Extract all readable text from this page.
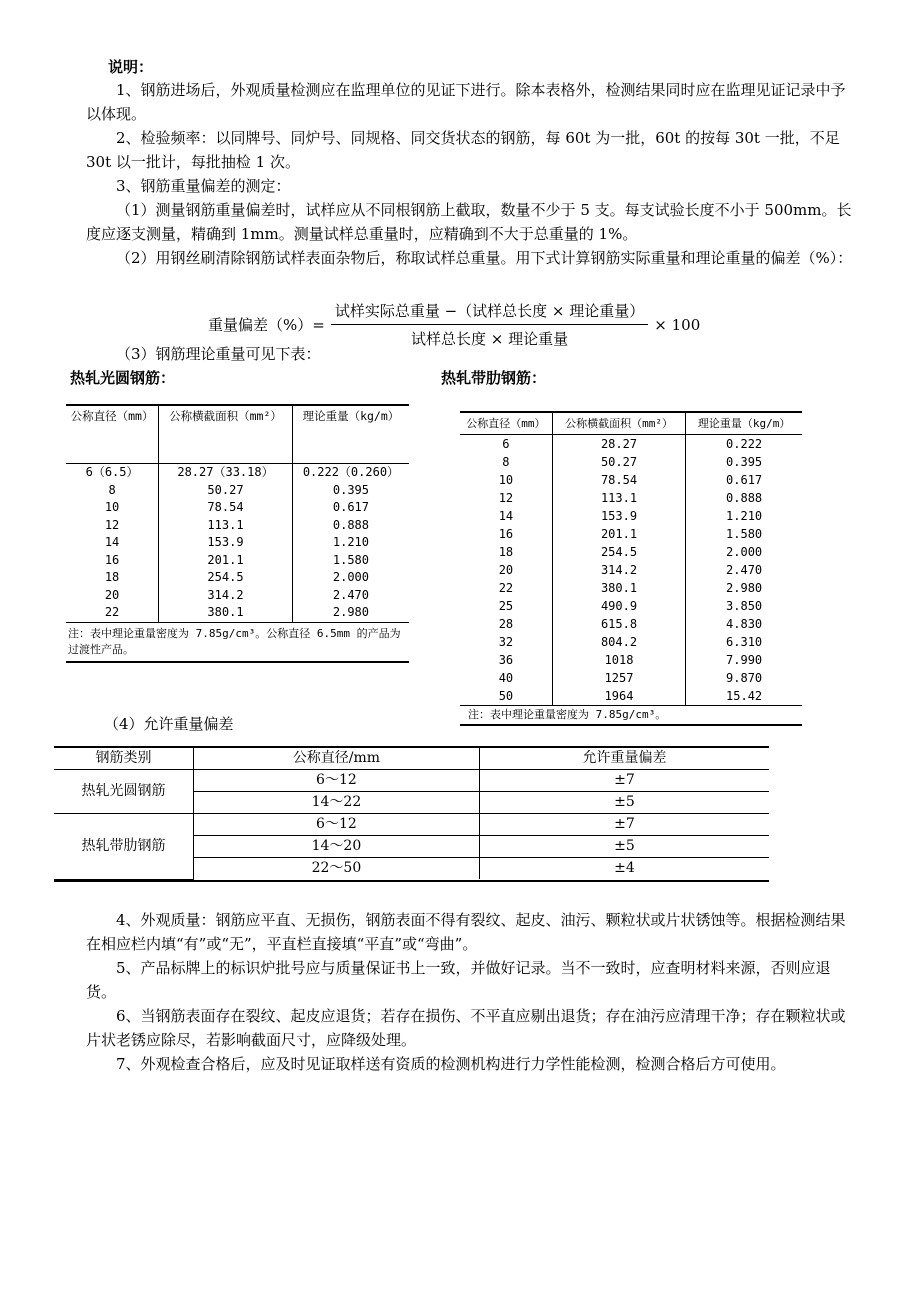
说明：
1、钢筋进场后，外观质量检测应在监理单位的见证下进行。除本表格外，检测结果同时应在监理见证记录中予以体现。
2、检验频率：以同牌号、同炉号、同规格、同交货状态的钢筋，每 60t 为一批，60t 的按每 30t 一批，不足 30t 以一批计，每批抽检 1 次。
3、钢筋重量偏差的测定：
（1）测量钢筋重量偏差时，试样应从不同根钢筋上截取，数量不少于 5 支。每支试验长度不小于 500mm。长度应逐支测量，精确到 1mm。测量试样总重量时，应精确到不大于总重量的 1%。
（2）用钢丝刷清除钢筋试样表面杂物后，称取试样总重量。用下式计算钢筋实际重量和理论重量的偏差（%）：
重量偏差（%）= $\frac{\text{试样实际总重量 −（试样总长度 × 理论重量）}}{\text{试样总长度 × 理论重量}} \times 100$
（3）钢筋理论重量可见下表：
热轧光圆钢筋：	热轧带肋钢筋：
公称直径（mm）	公称横截面积（mm²）	理论重量（kg/m）
6（6.5）	28.27（33.18）	0.222（0.260）
8	50.27	0.395
10	78.54	0.617
12	113.1	0.888
14	153.9	1.210
16	201.1	1.580
18	254.5	2.000
20	314.2	2.470
22	380.1	2.980
注：表中理论重量密度为 7.85g/cm³。公称直径 6.5mm 的产品为过渡性产品。
公称直径（mm）	公称横截面积（mm²）	理论重量（kg/m）
6	28.27	0.222
8	50.27	0.395
10	78.54	0.617
12	113.1	0.888
14	153.9	1.210
16	201.1	1.580
18	254.5	2.000
20	314.2	2.470
22	380.1	2.980
25	490.9	3.850
28	615.8	4.830
32	804.2	6.310
36	1018	7.990
40	1257	9.870
50	1964	15.42
注：表中理论重量密度为 7.85g/cm³。
（4）允许重量偏差
钢筋类别	公称直径/mm	允许重量偏差
热轧光圆钢筋	6～12	±7
	14～22	±5
热轧带肋钢筋	6～12	±7
	14～20	±5
	22～50	±4
4、外观质量：钢筋应平直、无损伤，钢筋表面不得有裂纹、起皮、油污、颗粒状或片状锈蚀等。根据检测结果在相应栏内填“有”或“无”，平直栏直接填“平直”或“弯曲”。
5、产品标牌上的标识炉批号应与质量保证书上一致，并做好记录。当不一致时，应查明材料来源，否则应退货。
6、当钢筋表面存在裂纹、起皮应退货；若存在损伤、不平直应剔出退货；存在油污应清理干净；存在颗粒状或片状老锈应除尽，若影响截面尺寸，应降级处理。
7、外观检查合格后，应及时见证取样送有资质的检测机构进行力学性能检测，检测合格后方可使用。
